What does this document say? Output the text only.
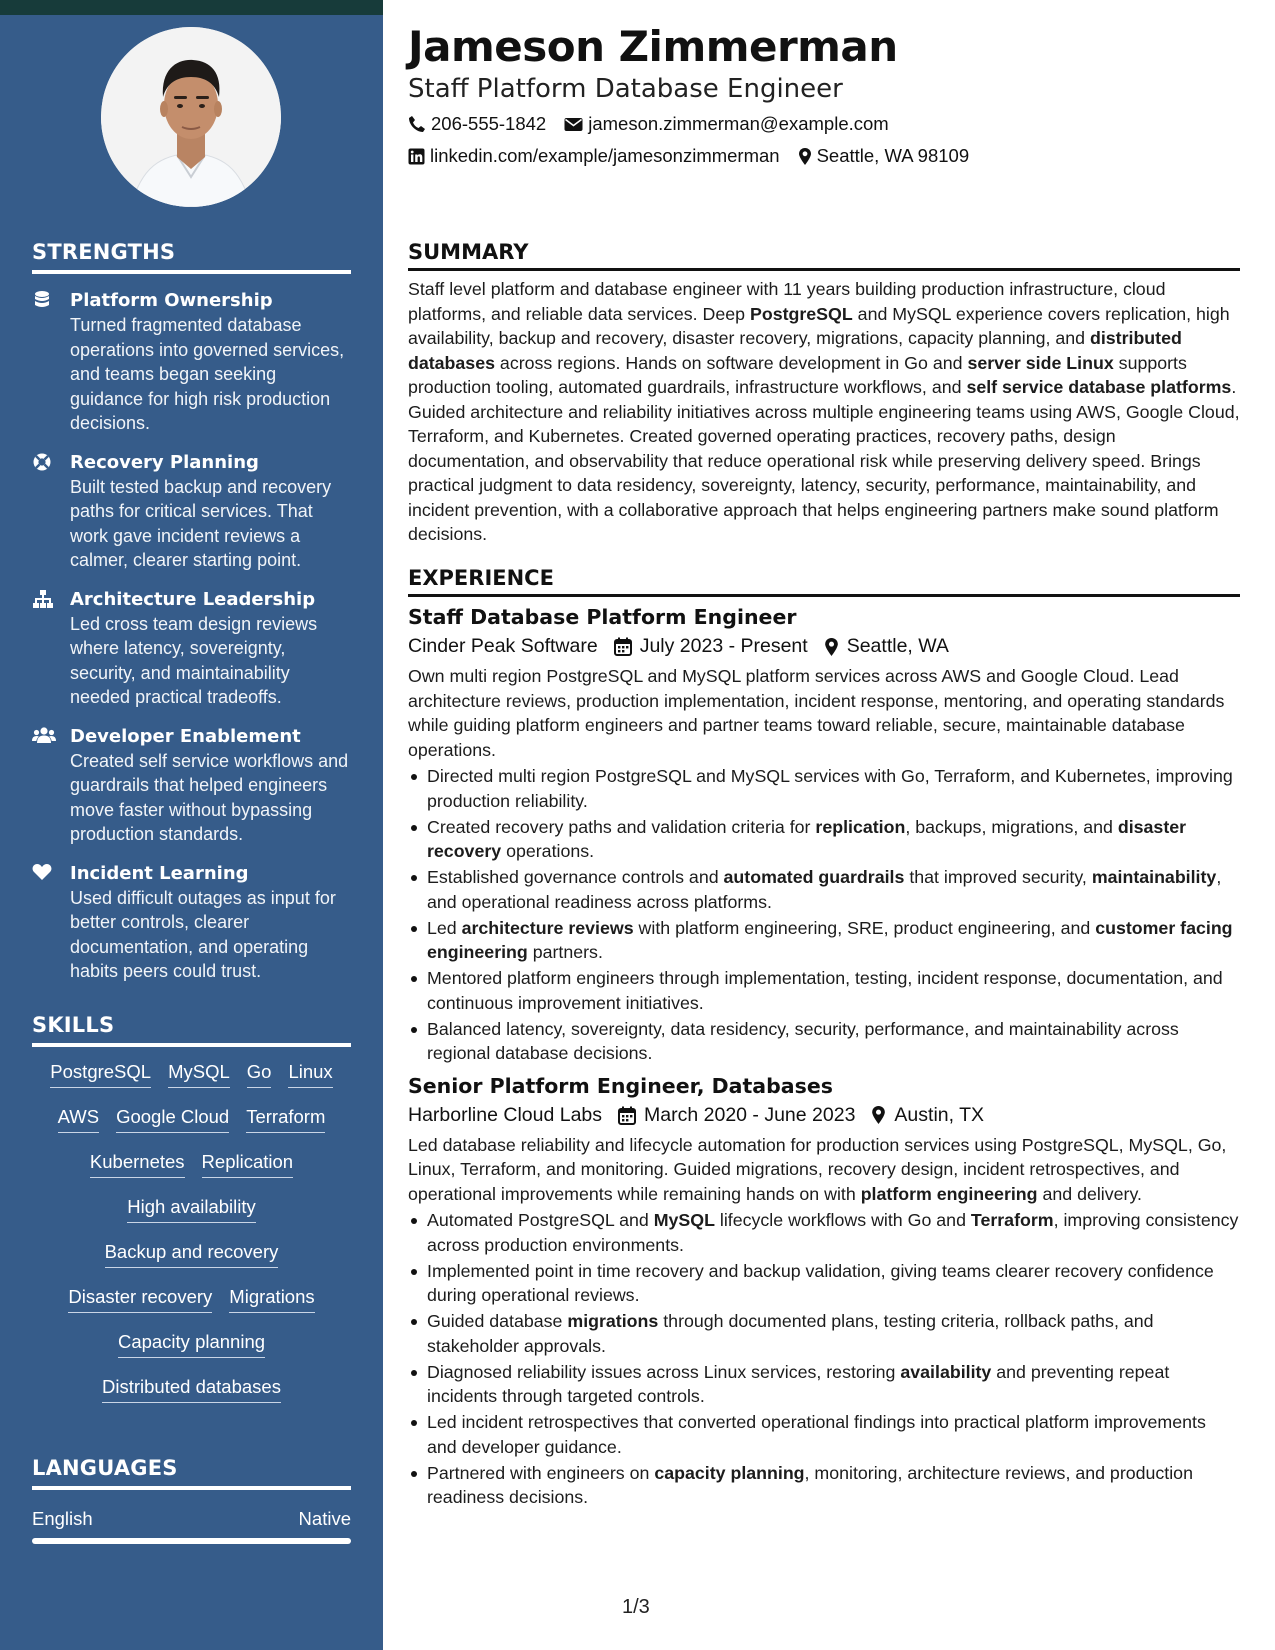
STRENGTHS
Platform Ownership
Turned fragmented database operations into governed services, and teams began seeking guidance for high risk production decisions.
Recovery Planning
Built tested backup and recovery paths for critical services. That work gave incident reviews a calmer, clearer starting point.
Architecture Leadership
Led cross team design reviews where latency, sovereignty, security, and maintainability needed practical tradeoffs.
Developer Enablement
Created self service workflows and guardrails that helped engineers move faster without bypassing production standards.
Incident Learning
Used difficult outages as input for better controls, clearer documentation, and operating habits peers could trust.
SKILLS
PostgreSQL MySQL Go Linux
AWS Google Cloud Terraform
Kubernetes Replication
High availability
Backup and recovery
Disaster recovery Migrations
Capacity planning
Distributed databases
LANGUAGES
English	Native
Jameson Zimmerman
Staff Platform Database Engineer
206-555-1842 jameson.zimmerman@example.com
linkedin.com/example/jamesonzimmerman Seattle, WA 98109
SUMMARY

Staff level platform and database engineer with 11 years building production infrastructure, cloud platforms, and reliable data services. Deep PostgreSQL and MySQL experience covers replication, high availability, backup and recovery, disaster recovery, migrations, capacity planning, and distributed databases across regions. Hands on software development in Go and server side Linux supports production tooling, automated guardrails, infrastructure workflows, and self service database platforms. Guided architecture and reliability initiatives across multiple engineering teams using AWS, Google Cloud, Terraform, and Kubernetes. Created governed operating practices, recovery paths, design documentation, and observability that reduce operational risk while preserving delivery speed. Brings practical judgment to data residency, sovereignty, latency, security, performance, maintainability, and incident prevention, with a collaborative approach that helps engineering partners make sound platform decisions.

EXPERIENCE
Staff Database Platform Engineer
Cinder Peak Software July 2023 - Present Seattle, WA

Own multi region PostgreSQL and MySQL platform services across AWS and Google Cloud. Lead architecture reviews, production implementation, incident response, mentoring, and operating standards while guiding platform engineers and partner teams toward reliable, secure, maintainable database operations.

Directed multi region PostgreSQL and MySQL services with Go, Terraform, and Kubernetes, improving production reliability.
Created recovery paths and validation criteria for replication, backups, migrations, and disaster recovery operations.
Established governance controls and automated guardrails that improved security, maintainability, and operational readiness across platforms.
Led architecture reviews with platform engineering, SRE, product engineering, and customer facing engineering partners.
Mentored platform engineers through implementation, testing, incident response, documentation, and continuous improvement initiatives.
Balanced latency, sovereignty, data residency, security, performance, and maintainability across regional database decisions.
Senior Platform Engineer, Databases
Harborline Cloud Labs March 2020 - June 2023 Austin, TX

Led database reliability and lifecycle automation for production services using PostgreSQL, MySQL, Go, Linux, Terraform, and monitoring. Guided migrations, recovery design, incident retrospectives, and operational improvements while remaining hands on with platform engineering and delivery.

Automated PostgreSQL and MySQL lifecycle workflows with Go and Terraform, improving consistency across production environments.
Implemented point in time recovery and backup validation, giving teams clearer recovery confidence during operational reviews.
Guided database migrations through documented plans, testing criteria, rollback paths, and stakeholder approvals.
Diagnosed reliability issues across Linux services, restoring availability and preventing repeat incidents through targeted controls.
Led incident retrospectives that converted operational findings into practical platform improvements and developer guidance.
Partnered with engineers on capacity planning, monitoring, architecture reviews, and production readiness decisions.
1/3
